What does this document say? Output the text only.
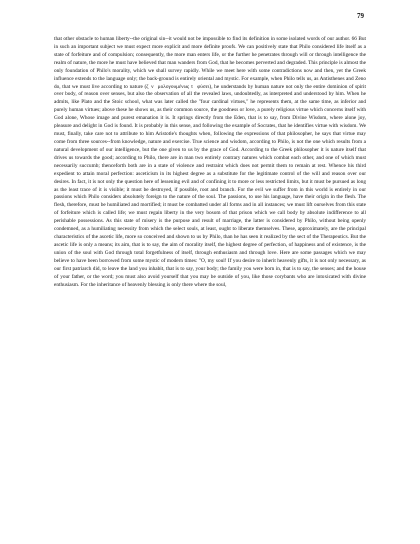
79

that other obstacle to human liberty--the original sin--it would not be impossible to find its definition in some isolated words of our author. 66 But in such an important subject we must expect more explicit and more definite proofs. We can positively state that Philo considered life itself as a state of forfeiture and of compulsion; consequently, the more man enters life, or the further he penetrates through will or through intelligence the realm of nature, the more he must have believed that man wanders from God, that he becomes perverted and degraded. This principle is almost the only foundation of Philo's morality, which we shall survey rapidly. While we meet here with some contradictions now and then, yet the Greek influence extends to the language only; the back-ground is entirely oriental and mystic. For example, when Philo tells us, as Antisthenes and Zeno do, that we must live according to nature (ζ ν  μολογουμένως τ  φύσει), he understands by human nature not only the entire dominion of spirit over body, of reason over senses, but also the observation of all the revealed laws, undoubtedly, as interpreted and understood by him. When he admits, like Plato and the Stoic school, what was later called the "four cardinal virtues," he represents them, at the same time, as inferior and purely human virtues; above these he shows us, as their common source, the goodness or love, a purely religious virtue which concerns itself with God alone, Whose image and purest emanation it is. It springs directly from the Eden, that is to say, from Divine Wisdom, where alone joy, pleasure and delight in God is found. It is probably in this sense, and following the example of Socrates, that he identifies virtue with wisdom. We must, finally, take care not to attribute to him Aristotle's thoughts when, following the expressions of that philosopher, he says that virtue may come from three sources--from knowledge, nature and exercise. True science and wisdom, according to Philo, is not the one which results from a natural development of our intelligence, but the one given to us by the grace of God. According to the Greek philosopher it is nature itself that drives us towards the good; according to Philo, there are in man two entirely contrary natures which combat each other, and one of which must necessarily succumb; thenceforth both are in a state of violence and restraint which does not permit them to remain at rest. Whence his third expedient to attain moral perfection: asceticism in its highest degree as a substitute for the legitimate control of the will and reason over our desires. In fact, it is not only the question here of lessening evil and of confining it to more or less restricted limits, but it must be pursued as long as the least trace of it is visible; it must be destroyed, if possible, root and branch. For the evil we suffer from in this world is entirely in our passions which Philo considers absolutely foreign to the nature of the soul. The passions, to use his language, have their origin in the flesh. The flesh, therefore, must be humiliated and mortified; it must be combatted under all forms and in all instances; we must lift ourselves from this state of forfeiture which is called life; we must regain liberty in the very bosom of that prison which we call body by absolute indifference to all perishable possessions. As this state of misery is the purpose and result of marriage, the latter is considered by Philo, without being openly condemned, as a humiliating necessity from which the select souls, at least, ought to liberate themselves. These, approximately, are the principal characteristics of the ascetic life, more so conceived and shown to us by Philo, than he has seen it realized by the sect of the Therapeutics. But the ascetic life is only a means; its aim, that is to say, the aim of morality itself, the highest degree of perfection, of happiness and of existence, is the union of the soul with God through total forgetfulness of itself, through enthusiasm and through love. Here are some passages which we may believe to have been borrowed from some mystic of modern times: "O, my soul! If you desire to inherit heavenly gifts, it is not only necessary, as our first patriarch did, to leave the land you inhabit, that is to say, your body; the family you were born in, that is to say, the senses; and the house of your father, or the word; you must also avoid yourself that you may be outside of you, like those corybants who are intoxicated with divine enthusiasm. For the inheritance of heavenly blessing is only there where the soul,
